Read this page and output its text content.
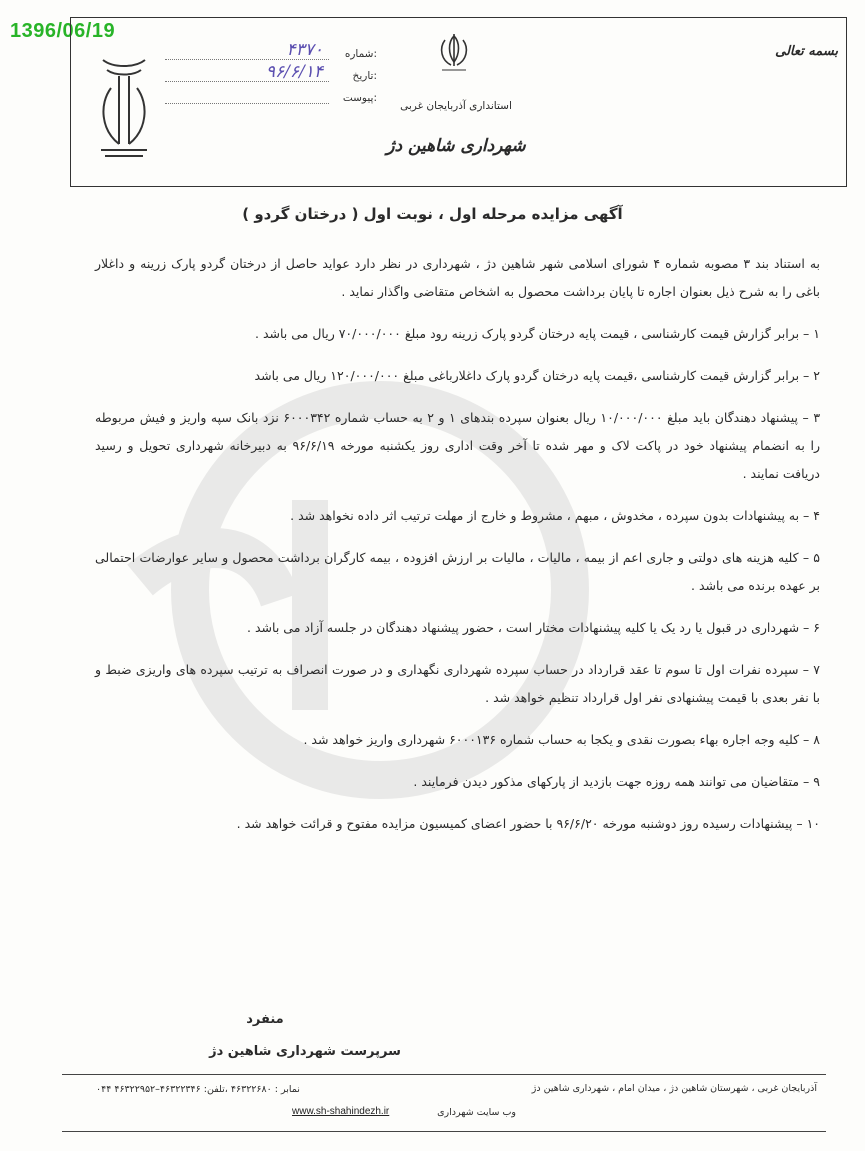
1396/06/19
بسمه تعالی
استانداری آذربایجان غربی
شهرداری شاهین دژ
شماره:
۴۳۷۰
تاریخ:
۹۶/۶/۱۴
پیوست:
آگهی مزایده مرحله اول ، نوبت اول ( درختان گردو )

به استناد بند ۳ مصوبه شماره ۴ شورای اسلامی شهر شاهین دژ ، شهرداری در نظر دارد عواید حاصل از درختان گردو پارک زرینه و داغلار باغی را به شرح ذیل بعنوان اجاره تا پایان برداشت محصول به اشخاص متقاضی واگذار نماید .

۱ – برابر گزارش قیمت کارشناسی ، قیمت پایه درختان گردو پارک زرینه رود مبلغ ۷۰/۰۰۰/۰۰۰ ریال می باشد .

۲ – برابر گزارش قیمت کارشناسی ،قیمت پایه درختان گردو پارک داغلارباغی مبلغ ۱۲۰/۰۰۰/۰۰۰ ریال می باشد

۳ – پیشنهاد دهندگان باید مبلغ ۱۰/۰۰۰/۰۰۰ ریال بعنوان سپرده بندهای ۱ و ۲ به حساب شماره ۶۰۰۰۳۴۲ نزد بانک سپه واریز و فیش مربوطه را به انضمام پیشنهاد خود در پاکت لاک و مهر شده تا آخر وقت اداری روز یکشنبه مورخه ۹۶/۶/۱۹ به دبیرخانه شهرداری تحویل و رسید دریافت نمایند .

۴ – به پیشنهادات بدون سپرده ، مخدوش ، مبهم ، مشروط و خارج از مهلت ترتیب اثر داده نخواهد شد .

۵ – کلیه هزینه های دولتی و جاری اعم از بیمه ، مالیات ، مالیات بر ارزش افزوده ، بیمه کارگران برداشت محصول و سایر عوارضات احتمالی بر عهده برنده می باشد .

۶ – شهرداری در قبول یا رد یک یا کلیه پیشنهادات مختار است ، حضور پیشنهاد دهندگان در جلسه آزاد می باشد .

۷ – سپرده نفرات اول تا سوم تا عقد قرارداد در حساب سپرده شهرداری نگهداری و در صورت انصراف به ترتیب سپرده های واریزی ضبط و با نفر بعدی با قیمت پیشنهادی نفر اول قرارداد تنظیم خواهد شد .

۸ – کلیه وجه اجاره بهاء بصورت نقدی و یکجا به حساب شماره ۶۰۰۰۱۳۶ شهرداری واریز خواهد شد .

۹ – متقاضیان می توانند همه روزه جهت بازدید از پارکهای مذکور دیدن فرمایند .

۱۰ – پیشنهادات رسیده روز دوشنبه مورخه ۹۶/۶/۲۰ با حضور اعضای کمیسیون مزایده مفتوح و قرائت خواهد شد .

منفرد
سرپرست شهرداری شاهین دژ
آذربایجان غربی ، شهرستان شاهین دژ ، میدان امام ، شهرداری شاهین دژ
نمابر : ۴۶۳۲۲۶۸۰ ،تلفن: ۴۶۳۲۲۳۴۶–۴۶۳۲۲۹۵۲ ۰۴۴
وب سایت شهرداری
www.sh-shahindezh.ir
